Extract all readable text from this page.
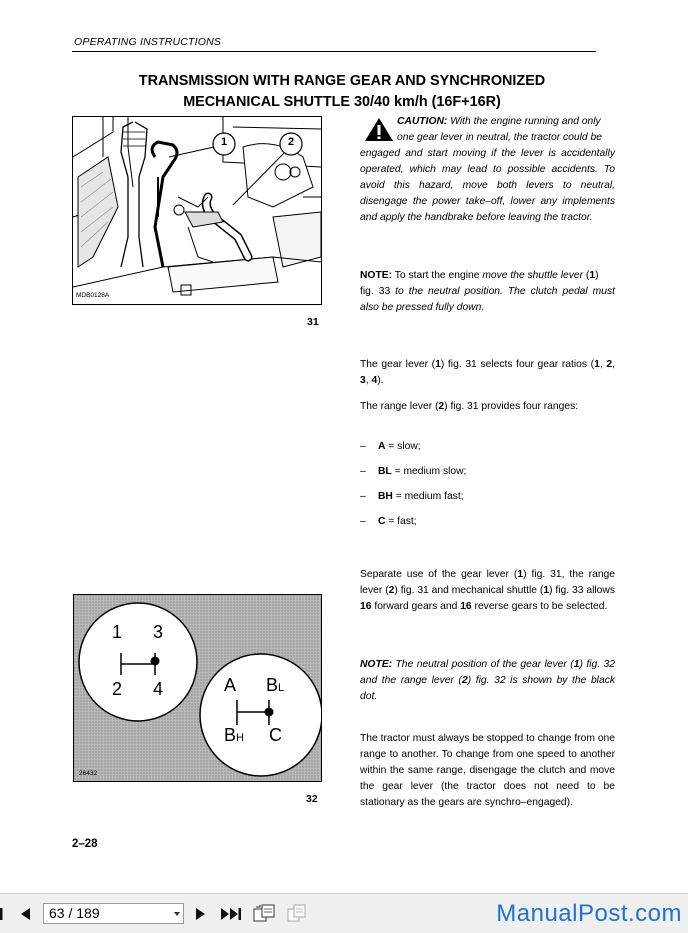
OPERATING INSTRUCTIONS
TRANSMISSION WITH RANGE GEAR AND SYNCHRONIZED
MECHANICAL SHUTTLE 30/40 km/h (16F+16R)
1	2
MDB0128A
31
1 3
2 4	A BL
BH C
26432
32

CAUTION: With the engine running and only

one gear lever in neutral, the tractor could be

engaged and start moving if the lever is accidentally operated, which may lead to possible accidents. To avoid this hazard, move both levers to neutral, disengage the power take–off, lower any implements and apply the handbrake before leaving the tractor.

NOTE: To start the engine move the shuttle lever (1)

fig. 33 to the neutral position. The clutch pedal must also be pressed fully down.

The gear lever (1) fig. 31 selects four gear ratios (1, 2, 3, 4).

The range lever (2) fig. 31 provides four ranges:

– A = slow;
– BL = medium slow;
– BH = medium fast;
– C = fast;

Separate use of the gear lever (1) fig. 31, the range lever (2) fig. 31 and mechanical shuttle (1) fig. 33 allows 16 forward gears and 16 reverse gears to be selected.

NOTE: The neutral position of the gear lever (1) fig. 32 and the range lever (2) fig. 32 is shown by the black dot.

The tractor must always be stopped to change from one range to another. To change from one speed to another within the same range, disengage the clutch and move the gear lever (the tractor does not need to be stationary as the gears are synchro–engaged).

2–28
63 / 189	ManualPost.com
